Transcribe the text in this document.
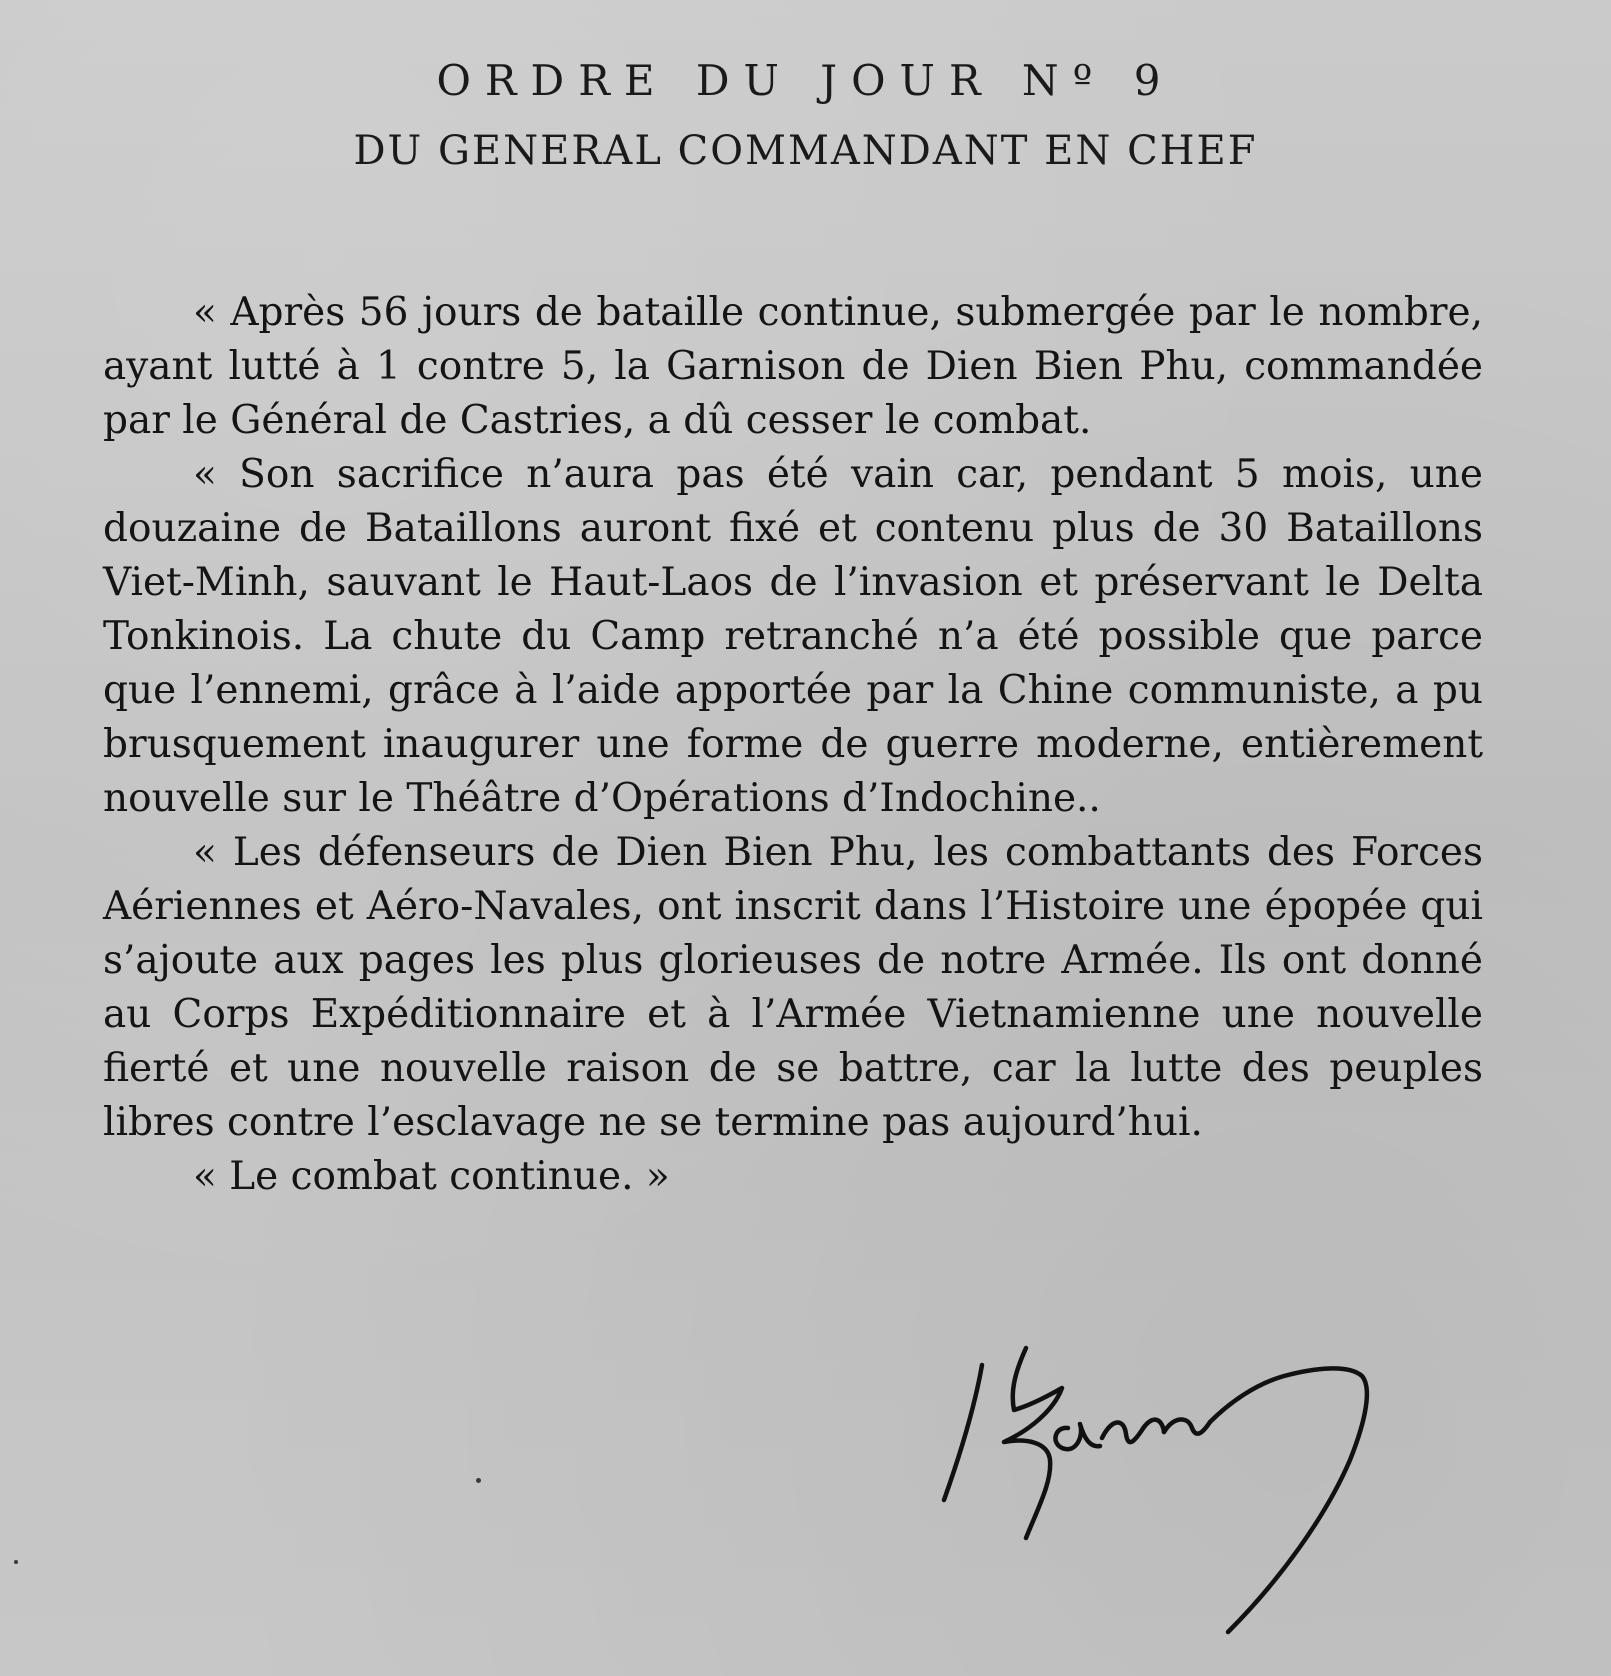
ORDRE DU JOUR Nº 9
DU GENERAL COMMANDANT EN CHEF

« Après 56 jours de bataille continue, submergée par le nombre, ayant lutté à 1 contre 5, la Garnison de Dien Bien Phu, commandée par le Général de Castries, a dû cesser le combat.

« Son sacrifice n’aura pas été vain car, pendant 5 mois, une douzaine de Bataillons auront fixé et contenu plus de 30 Bataillons Viet-Minh, sauvant le Haut-Laos de l’invasion et préservant le Delta Tonkinois. La chute du Camp retranché n’a été possible que parce que l’ennemi, grâce à l’aide apportée par la Chine communiste, a pu brusquement inaugurer une forme de guerre moderne, entièrement nouvelle sur le Théâtre d’Opérations d’Indochine..

« Les défenseurs de Dien Bien Phu, les combattants des Forces Aériennes et Aéro-Navales, ont inscrit dans l’Histoire une épopée qui s’ajoute aux pages les plus glorieuses de notre Armée. Ils ont donné au Corps Expéditionnaire et à l’Armée Vietnamienne une nouvelle fierté et une nouvelle raison de se battre, car la lutte des peuples libres contre l’esclavage ne se termine pas aujourd’hui.

« Le combat continue. »
